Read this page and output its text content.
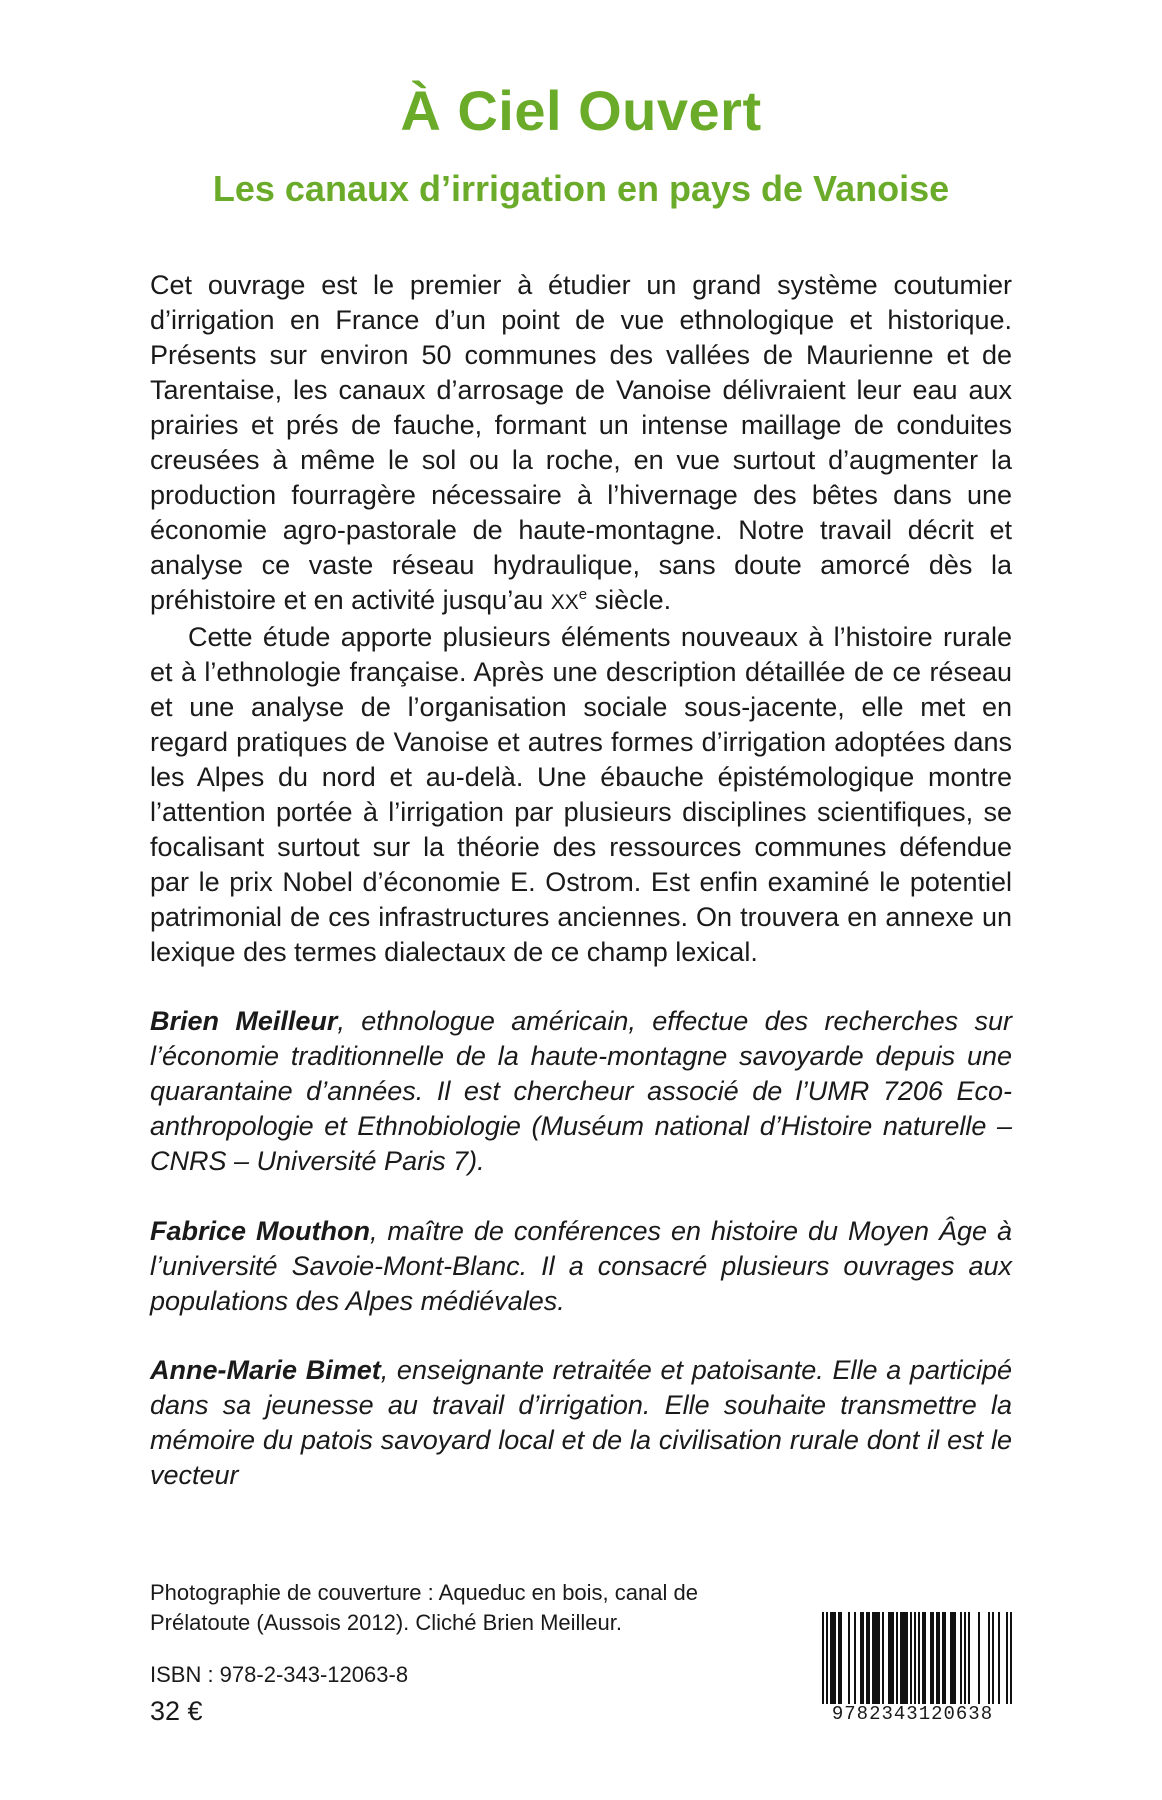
À Ciel Ouvert
Les canaux d’irrigation en pays de Vanoise

Cet ouvrage est le premier à étudier un grand système coutumier d’irrigation en France d’un point de vue ethnologique et historique. Présents sur environ 50 communes des vallées de Maurienne et de Tarentaise, les canaux d’arrosage de Vanoise délivraient leur eau aux prairies et prés de fauche, formant un intense maillage de conduites creusées à même le sol ou la roche, en vue surtout d’augmenter la production fourragère nécessaire à l’hivernage des bêtes dans une économie agro-pastorale de haute-montagne. Notre travail décrit et analyse ce vaste réseau hydraulique, sans doute amorcé dès la préhistoire et en activité jusqu’au XXe siècle.

Cette étude apporte plusieurs éléments nouveaux à l’histoire rurale et à l’ethnologie française. Après une description détaillée de ce réseau et une analyse de l’organisation sociale sous-jacente, elle met en regard pratiques de Vanoise et autres formes d’irrigation adoptées dans les Alpes du nord et au-delà. Une ébauche épistémologique montre l’attention portée à l’irrigation par plusieurs disciplines scientifiques, se focalisant surtout sur la théorie des ressources communes défendue par le prix Nobel d’économie E. Ostrom. Est enfin examiné le potentiel patrimonial de ces infrastructures anciennes. On trouvera en annexe un lexique des termes dialectaux de ce champ lexical.

Brien Meilleur, ethnologue américain, effectue des recherches sur l’économie traditionnelle de la haute-montagne savoyarde depuis une quarantaine d’années. Il est chercheur associé de l’UMR 7206 Eco-anthropologie et Ethnobiologie (Muséum national d’Histoire naturelle – CNRS – Université Paris 7).

Fabrice Mouthon, maître de conférences en histoire du Moyen Âge à l’université Savoie-Mont-Blanc. Il a consacré plusieurs ouvrages aux populations des Alpes médiévales.

Anne-Marie Bimet, enseignante retraitée et patoisante. Elle a participé dans sa jeunesse au travail d’irrigation. Elle souhaite transmettre la mémoire du patois savoyard local et de la civilisation rurale dont il est le vecteur

Photographie de couverture : Aqueduc en bois, canal de Prélatoute (Aussois 2012). Cliché Brien Meilleur.

ISBN : 978-2-343-12063-8

32 €	9782343120638
